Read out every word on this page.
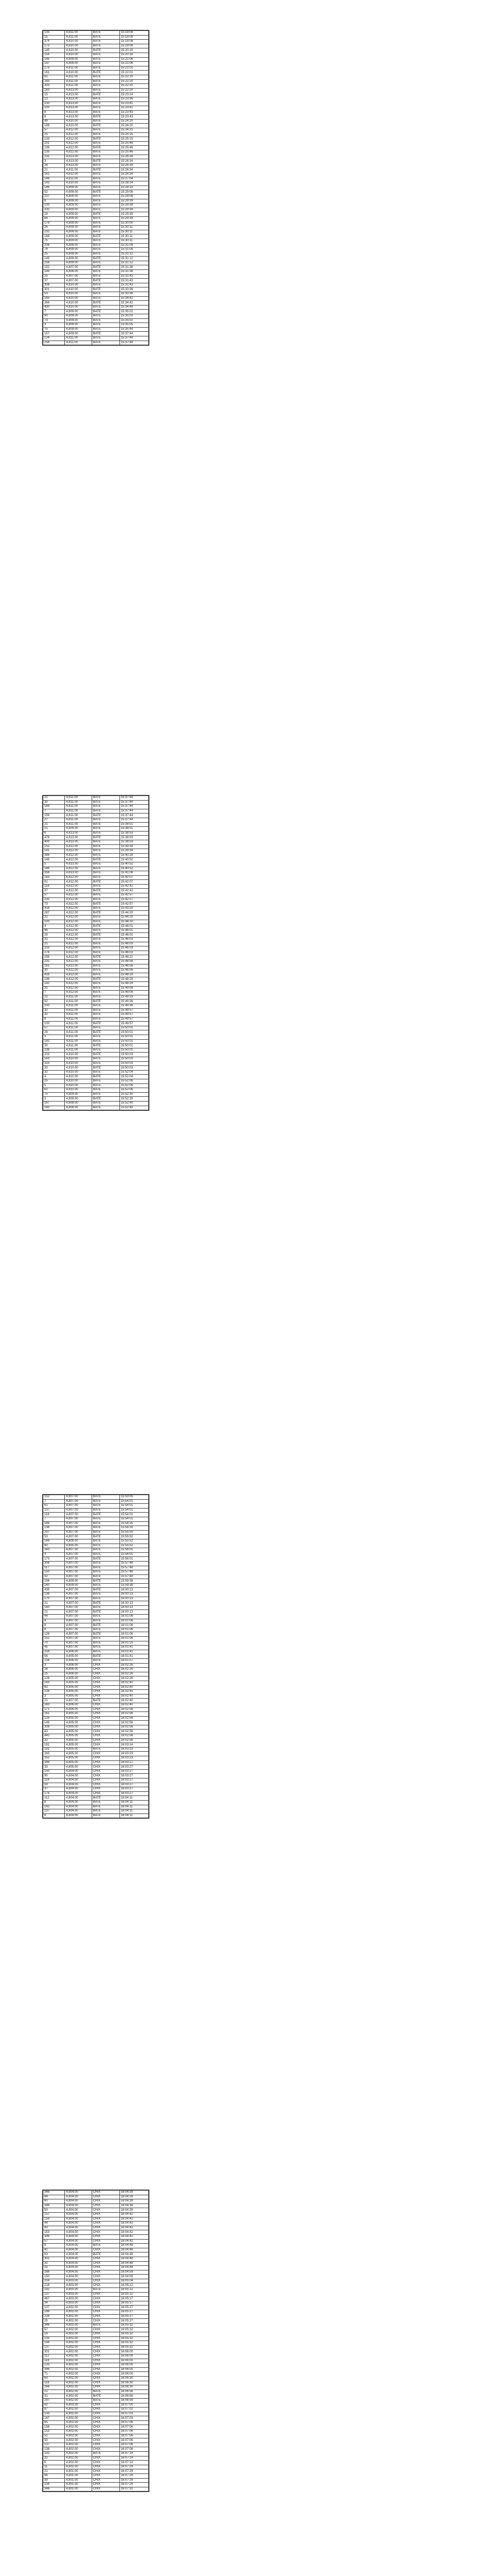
135	4,811.00	BATE	15:19:08
15	4,811.00	BATE	15:19:08
374	4,810.00	BATE	15:19:08
173	4,810.00	BATE	15:19:08
145	4,810.00	BATE	15:20:18
154	4,810.00	BATE	15:20:18
145	4,809.00	BATE	15:21:06
147	4,809.00	BATE	15:21:06
173	4,811.00	BATE	15:22:01
161	4,810.00	BATE	15:22:01
82	4,811.00	BATE	15:22:20
243	4,811.00	BATE	15:22:20
303	4,811.00	BATE	15:22:20
163	4,813.00	BATE	15:22:20
15	4,813.00	BATE	15:23:24
13	4,813.00	BATE	15:23:36
100	4,813.00	BATE	15:23:41
100	4,813.00	BATE	15:23:41
8	4,813.00	BATE	15:23:43
8	4,813.00	BATE	15:23:43
49	4,810.00	BATE	15:24:20
169	4,810.00	BATE	15:24:20
57	4,812.00	BATE	15:24:31
25	4,812.00	BATE	15:25:15
133	4,812.00	BATE	15:25:15
191	4,812.00	BATE	15:25:46
136	4,812.00	BATE	15:25:46
135	4,812.00	BATE	15:25:46
232	4,813.00	BATE	15:26:34
3	4,813.00	BATE	15:26:34
28	4,813.00	BATE	15:26:34
21	4,811.00	BATE	15:26:34
161	4,812.00	BATE	15:26:34
146	4,811.00	BATE	15:27:04
143	4,810.00	BATE	15:28:14
146	4,809.00	BATE	15:28:14
52	4,809.00	BATE	15:29:06
107	4,809.00	BATE	15:29:06
8	4,809.00	BATE	15:29:39
100	4,809.00	BATE	15:29:39
232	4,809.00	BATE	15:29:39
29	4,809.00	BATE	15:29:39
64	4,809.00	BATE	15:29:39
178	4,809.00	BATE	15:30:00
26	4,809.00	BATE	15:30:11
232	4,809.00	BATE	15:30:11
169	4,809.00	BATE	15:30:11
75	4,809.00	BATE	15:30:11
206	4,809.00	BATE	15:31:09
74	4,809.00	BATE	15:31:09
25	4,809.00	BATE	15:31:12
145	4,809.00	BATE	15:31:12
256	4,809.00	BATE	15:31:12
152	4,807.00	BATE	15:31:36
149	4,806.00	BATE	15:31:36
25	4,807.00	BATE	15:31:43
37	4,807.00	BATE	15:31:43
308	4,810.00	BATE	15:31:43
301	4,810.00	BATE	15:33:36
53	4,810.00	BATE	15:33:36
165	4,810.00	BATE	15:34:42
264	4,810.00	BATE	15:34:42
430	4,810.00	BATE	15:34:48
7	4,809.00	BATE	15:35:02
90	4,809.00	BATE	15:35:02
73	4,809.00	BATE	15:35:02
3	4,809.00	BATE	15:35:05
75	4,809.00	BATE	15:35:44
157	4,809.00	BATE	15:37:44
124	4,811.00	BATE	15:37:44
256	4,811.00	BATE	15:37:44
21	4,811.00	BATE	15:37:44
30	4,811.00	BATE	15:37:44
169	4,811.00	BATE	15:37:44
7	4,811.00	BATE	15:37:44
156	4,811.00	BATE	15:37:44
27	4,811.00	BATE	15:37:44
21	4,811.00	BATE	15:38:01
21	4,809.00	BATE	15:38:01
6	4,813.00	BATE	15:38:53
478	4,813.00	BATE	15:38:53
400	4,813.00	BATE	15:38:53
152	4,812.00	BATE	15:39:34
141	4,812.00	BATE	15:39:34
366	4,812.00	BATE	15:40:18
145	4,812.00	BATE	15:40:52
5	4,813.00	BATE	15:40:52
146	4,812.00	BATE	15:40:52
356	4,813.00	BATE	15:41:06
163	4,812.00	BATE	15:42:07
81	4,812.00	BATE	15:42:07
118	4,812.00	BATE	15:42:42
37	4,812.00	BATE	15:42:42
57	4,812.00	BATE	15:42:57
232	4,812.00	BATE	15:42:57
73	4,812.00	BATE	15:42:57
418	4,812.00	BATE	15:43:20
287	4,812.00	BATE	15:44:20
31	4,812.00	BATE	15:44:20
100	4,812.00	BATE	15:44:20
4	4,812.00	BATE	15:46:01
96	4,812.00	BATE	15:46:01
29	4,812.00	BATE	15:46:01
31	4,812.00	BATE	15:46:03
21	4,812.00	BATE	15:46:03
203	4,812.00	BATE	15:46:03
274	4,812.00	BATE	15:46:03
255	4,812.00	BATE	15:46:21
232	4,812.00	BATE	15:46:56
161	4,812.00	BATE	15:46:56
30	4,812.00	BATE	15:46:56
416	4,812.00	BATE	15:48:29
199	4,812.00	BATE	15:48:29
142	4,812.00	BATE	15:48:29
32	4,812.00	BATE	15:49:09
7	4,812.00	BATE	15:49:09
22	4,811.00	BATE	15:49:19
92	4,811.00	BATE	15:49:36
100	4,811.00	BATE	15:49:36
32	4,811.00	BATE	15:49:57
32	4,811.00	BATE	15:49:57
9	4,811.00	BATE	15:49:57
100	4,811.00	BATE	15:49:57
57	4,811.00	BATE	15:50:01
29	4,811.00	BATE	15:50:01
3	4,811.00	BATE	15:50:01
142	4,811.00	BATE	15:50:01
30	4,811.00	BATE	15:50:01
238	4,811.00	BATE	15:50:01
203	4,810.00	BATE	15:50:03
163	4,810.00	BATE	15:50:03
325	4,810.00	BATE	15:50:03
20	4,810.00	BATE	15:50:03
32	4,810.00	BATE	15:52:04
4	4,810.00	BATE	15:52:04
25	4,810.00	BATE	15:52:06
5	4,810.00	BATE	15:52:06
61	4,810.00	BATE	15:52:06
75	4,809.00	BATE	15:52:30
3	4,809.00	BATE	15:52:30
167	4,808.00	BATE	15:52:40
160	4,808.00	BATE	15:52:40
152	4,807.00	BATE	15:53:05
7	4,807.00	BATE	15:54:01
61	4,807.00	BATE	15:54:01
137	4,807.00	BATE	15:54:01
118	4,807.00	BATE	15:54:01
7	4,807.00	BATE	15:54:01
186	4,807.00	BATE	15:54:35
136	4,807.00	BATE	15:54:35
297	4,807.00	BATE	15:55:00
53	4,807.00	BATE	15:55:52
169	4,806.00	BATE	15:55:52
80	4,805.00	BATE	15:55:52
243	4,807.00	BATE	15:56:01
4	4,807.00	BATE	15:56:01
173	4,807.00	BATE	15:56:01
308	4,807.00	BATE	15:57:48
117	4,807.00	BATE	15:57:48
150	4,807.00	BATE	15:57:48
32	4,807.00	BATE	15:57:48
156	4,809.00	BATE	15:59:36
160	4,809.00	BATE	15:59:36
435	4,807.00	BATE	16:00:13
136	4,807.00	BATE	16:00:13
170	4,807.00	BATE	16:00:13
21	4,807.00	BATE	16:00:13
160	4,807.00	BATE	16:00:13
21	4,807.00	BATE	16:00:13
44	4,807.00	BATE	16:01:06
4	4,807.00	BATE	16:01:06
8	4,807.00	BATE	16:01:06
8	4,807.00	BATE	16:01:06
126	4,807.00	BATE	16:01:06
152	4,807.00	BATE	16:01:06
70	4,807.00	BATE	16:01:10
45	4,807.00	BATE	16:01:41
318	4,806.00	BATE	16:01:41
56	4,805.00	BATE	16:01:41
216	4,806.00	BATE	16:01:57
3	4,806.00	CHIX	16:02:26
26	4,806.00	CHIX	16:02:26
25	4,806.00	CHIX	16:02:26
126	4,805.00	CHIX	16:02:26
143	4,805.00	CHIX	16:02:40
83	4,805.00	CHIX	16:02:40
128	4,805.00	CHIX	16:02:40
3	4,805.00	CHIX	16:02:40
21	4,807.00	BATE	16:02:40
243	4,806.00	CHIX	16:02:40
171	4,806.00	CHIX	16:02:56
161	4,805.00	CHIX	16:02:56
126	4,805.00	CHIX	16:02:56
146	4,805.00	CHIX	16:02:56
308	4,805.00	CHIX	16:02:56
83	4,805.00	CHIX	16:02:56
442	4,805.00	CHIX	16:02:56
32	4,805.00	CHIX	16:02:56
181	4,805.00	CHIX	16:03:14
181	4,805.00	BATE	16:03:23
263	4,805.00	CHIX	16:03:23
352	4,805.00	CHIX	16:03:23
348	4,805.00	CHIX	16:03:27
33	4,805.00	CHIX	16:03:27
150	4,804.00	CHIX	16:03:27
90	4,804.00	CHIX	16:03:27
118	4,804.00	CHIX	16:03:27
59	4,804.00	CHIX	16:03:27
37	4,804.00	CHIX	16:03:27
174	4,804.00	CHIX	16:03:27
112	4,804.00	BATE	16:04:11
8	4,804.00	BATE	16:04:11
142	4,804.00	BATE	16:04:11
137	4,804.00	BATE	16:04:11
8	4,804.00	BATE	16:04:11
346	4,804.00	CHIX	16:04:39
64	4,804.00	CHIX	16:04:39
60	4,804.00	CHIX	16:04:39
348	4,804.00	CHIX	16:04:39
50	4,804.00	CHIX	16:04:39
157	4,804.00	CHIX	16:04:42
159	4,804.00	CHIX	16:04:42
44	4,804.00	CHIX	16:04:42
43	4,804.00	CHIX	16:04:42
153	4,804.00	CHIX	16:04:42
346	4,804.00	CHIX	16:04:42
57	4,804.00	CHIX	16:04:42
8	4,804.00	BATE	16:04:48
41	4,804.00	CHIX	16:04:48
63	4,804.00	BATE	16:04:48
302	4,804.00	CHIX	16:04:48
32	4,804.00	CHIX	16:04:48
25	4,804.00	CHIX	16:04:48
266	4,804.00	CHIX	16:04:59
150	4,804.00	CHIX	16:04:59
259	4,803.00	CHIX	16:05:04
218	4,803.00	CHIX	16:05:12
142	4,803.00	BATE	16:05:12
137	4,803.00	CHIX	16:05:12
467	4,803.00	CHIX	16:05:17
34	4,803.00	CHIX	16:05:17
107	4,802.00	CHIX	16:05:27
186	4,802.00	CHIX	16:05:27
228	4,802.00	CHIX	16:05:27
25	4,802.00	CHIX	16:05:27
346	4,802.00	BATE	16:05:32
57	4,802.00	CHIX	16:05:32
18	4,802.00	CHIX	16:05:32
135	4,802.00	CHIX	16:05:32
144	4,802.00	CHIX	16:05:32
137	4,802.00	CHIX	16:05:32
301	4,802.00	CHIX	16:06:00
112	4,802.00	CHIX	16:06:00
118	4,802.00	CHIX	16:06:00
133	4,802.00	CHIX	16:06:00
346	4,802.00	CHIX	16:06:00
71	4,802.00	CHIX	16:06:00
63	4,802.00	CHIX	16:06:30
116	4,802.00	CHIX	16:06:30
264	4,802.00	CHIX	16:06:30
21	4,802.00	BATE	16:06:56
31	4,802.00	BATE	16:06:56
297	4,802.00	BATE	16:06:59
62	4,803.00	CHIX	16:07:00
87	4,802.00	CHIX	16:07:02
133	4,802.00	CHIX	16:07:03
167	4,802.00	CHIX	16:07:03
65	4,802.00	CHIX	16:07:06
158	4,802.00	CHIX	16:07:06
153	4,802.00	CHIX	16:07:06
51	4,802.00	CHIX	16:07:06
50	4,802.00	CHIX	16:07:06
137	4,802.00	CHIX	16:07:06
138	4,802.00	CHIX	16:07:06
232	4,802.00	BATE	16:07:14
32	4,802.00	CHIX	16:07:14
6	4,802.00	CHIX	16:07:14
11	4,802.00	CHIX	16:07:29
21	4,801.00	CHIX	16:07:29
96	4,801.00	CHIX	16:07:29
39	4,801.00	CHIX	16:07:29
134	4,801.00	CHIX	16:07:29
346	4,801.00	CHIX	16:07:31
